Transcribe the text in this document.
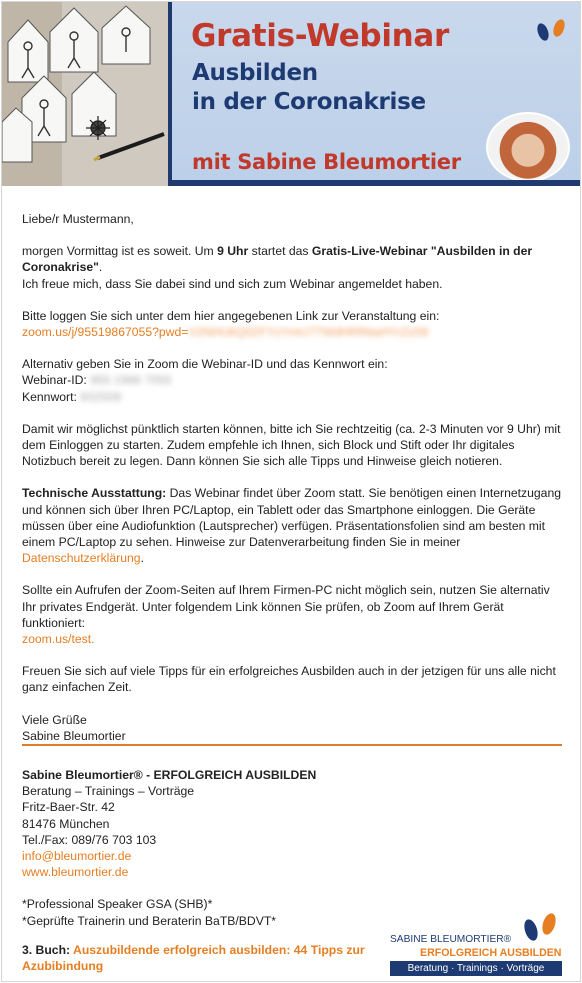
Gratis-Webinar
Ausbilden
in der Coronakrise
mit Sabine Bleumortier

Liebe/r Mustermann,

morgen Vormittag ist es soweit. Um 9 Uhr startet das Gratis-Live-Webinar "Ausbilden in der Coronakrise".
Ich freue mich, dass Sie dabei sind und sich zum Webinar angemeldet haben.

Bitte loggen Sie sich unter dem hier angegebenen Link zur Veranstaltung ein:
zoom.us/j/95519867055?pwd=V2NHUkQ0ZFYzYmU7TWdHRlNtaHYrZz09

Alternativ geben Sie in Zoom die Webinar-ID und das Kennwort ein:
Webinar-ID: 955 1986 7055
Kennwort: 932509

Damit wir möglichst pünktlich starten können, bitte ich Sie rechtzeitig (ca. 2-3 Minuten vor 9 Uhr) mit dem Einloggen zu starten. Zudem empfehle ich Ihnen, sich Block und Stift oder Ihr digitales Notizbuch bereit zu legen. Dann können Sie sich alle Tipps und Hinweise gleich notieren.

Technische Ausstattung: Das Webinar findet über Zoom statt. Sie benötigen einen Internetzugang und können sich über Ihren PC/Laptop, ein Tablett oder das Smartphone einloggen. Die Geräte müssen über eine Audiofunktion (Lautsprecher) verfügen. Präsentationsfolien sind am besten mit einem PC/Laptop zu sehen. Hinweise zur Datenverarbeitung finden Sie in meiner Datenschutzerklärung.

Sollte ein Aufrufen der Zoom-Seiten auf Ihrem Firmen-PC nicht möglich sein, nutzen Sie alternativ Ihr privates Endgerät. Unter folgendem Link können Sie prüfen, ob Zoom auf Ihrem Gerät funktioniert:
zoom.us/test.

Freuen Sie sich auf viele Tipps für ein erfolgreiches Ausbilden auch in der jetzigen für uns alle nicht ganz einfachen Zeit.

Viele Grüße
Sabine Bleumortier

Sabine Bleumortier® - ERFOLGREICH AUSBILDEN
Beratung – Trainings – Vorträge
Fritz-Baer-Str. 42
81476 München
Tel./Fax: 089/76 703 103
info@bleumortier.de
www.bleumortier.de
*Professional Speaker GSA (SHB)*
*Geprüfte Trainerin und Beraterin BaTB/BDVT*
3. Buch: Auszubildende erfolgreich ausbilden: 44 Tipps zur Azubibindung
SABINE BLEUMORTIER®
ERFOLGREICH AUSBILDEN
Beratung · Trainings · Vorträge
